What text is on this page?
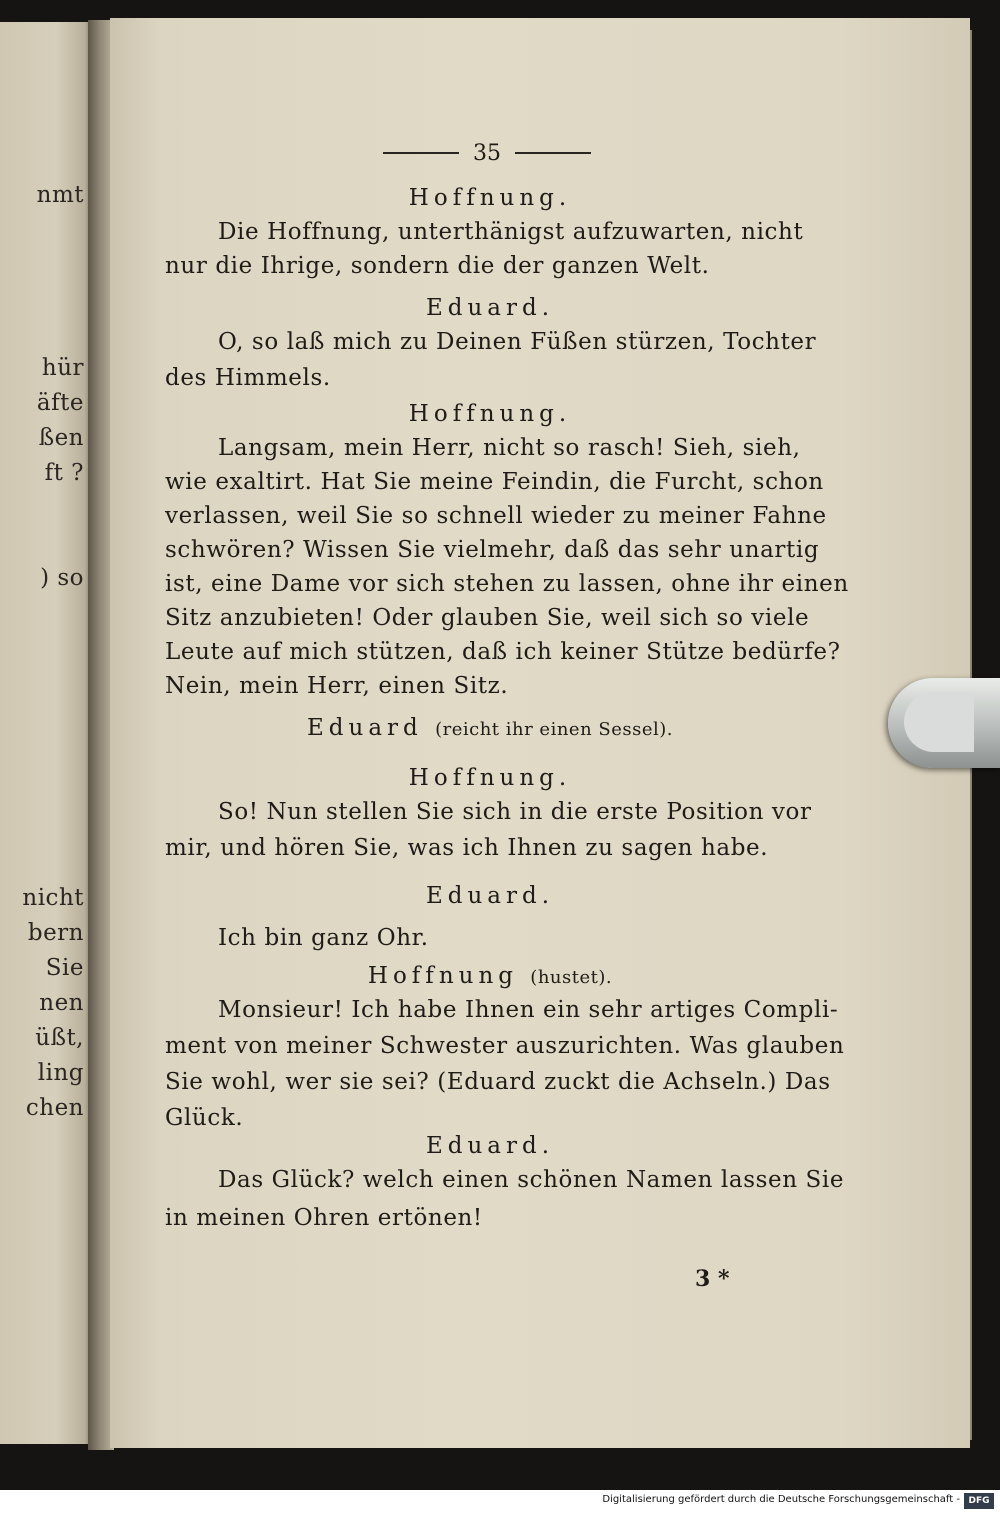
nmt
hür
äfte
ßen
ft ?
) so
nicht
bern
Sie
nen
üßt,
ling
chen
35
Hoffnung.
Die Hoffnung, unterthänigst aufzuwarten, nicht
nur die Ihrige, sondern die der ganzen Welt.
Eduard.
O, so laß mich zu Deinen Füßen stürzen, Tochter
des Himmels.
Hoffnung.
Langsam, mein Herr, nicht so rasch! Sieh, sieh,
wie exaltirt. Hat Sie meine Feindin, die Furcht, schon
verlassen, weil Sie so schnell wieder zu meiner Fahne
schwören? Wissen Sie vielmehr, daß das sehr unartig
ist, eine Dame vor sich stehen zu lassen, ohne ihr einen
Sitz anzubieten! Oder glauben Sie, weil sich so viele
Leute auf mich stützen, daß ich keiner Stütze bedürfe?
Nein, mein Herr, einen Sitz.
Eduard (reicht ihr einen Sessel).
Hoffnung.
So! Nun stellen Sie sich in die erste Position vor
mir, und hören Sie, was ich Ihnen zu sagen habe.
Eduard.
Ich bin ganz Ohr.
Hoffnung (hustet).
Monsieur! Ich habe Ihnen ein sehr artiges Compli-
ment von meiner Schwester auszurichten. Was glauben
Sie wohl, wer sie sei? (Eduard zuckt die Achseln.) Das
Glück.
Eduard.
Das Glück? welch einen schönen Namen lassen Sie
in meinen Ohren ertönen!
3 *
Digitalisierung gefördert durch die Deutsche Forschungsgemeinschaft - DFG
